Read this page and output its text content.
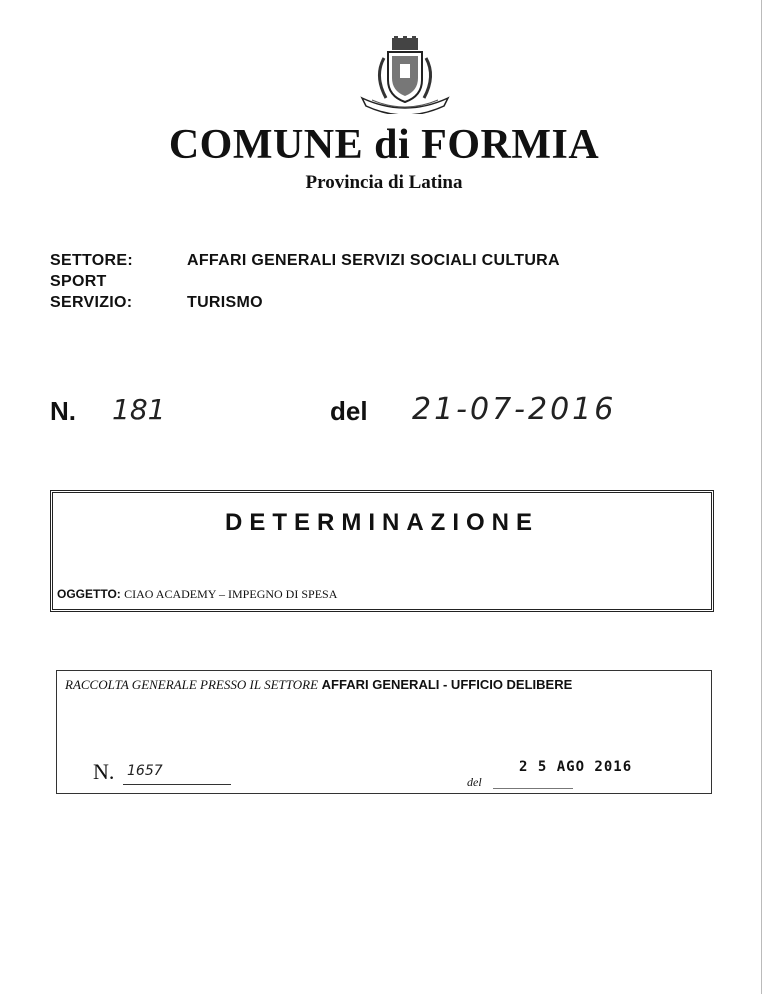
COMUNE di FORMIA
Provincia di Latina
SETTORE:	AFFARI GENERALI SERVIZI SOCIALI CULTURA
SPORT
SERVIZIO:	TURISMO
N. 181	del 21-07-2016
DETERMINAZIONE
OGGETTO: CIAO ACADEMY – IMPEGNO DI SPESA
RACCOLTA GENERALE PRESSO IL SETTORE AFFARI GENERALI - UFFICIO DELIBERE
N. 1657
del
2 5 AGO 2016
